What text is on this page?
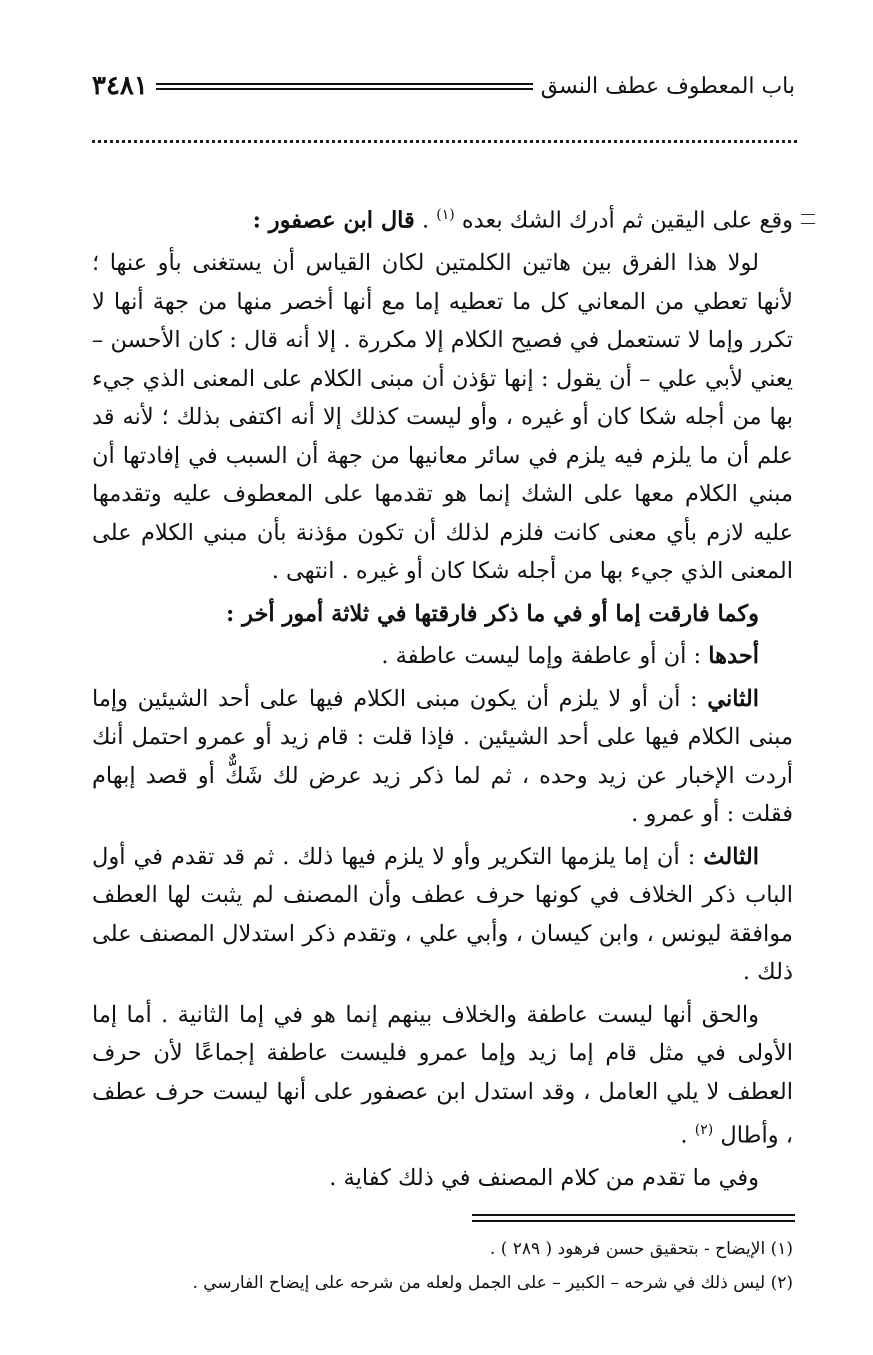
باب المعطوف عطف النسق
٣٤٨١

وقع على اليقين ثم أدرك الشك بعده $^{(١)}$ . قال ابن عصفور :

لولا هذا الفرق بين هاتين الكلمتين لكان القياس أن يستغنى بأو عنها ؛ لأنها تعطي من المعاني كل ما تعطيه إما مع أنها أخصر منها من جهة أنها لا تكرر وإما لا تستعمل في فصيح الكلام إلا مكررة . إلا أنه قال : كان الأحسن – يعني لأبي علي – أن يقول : إنها تؤذن أن مبنى الكلام على المعنى الذي جيء بها من أجله شكا كان أو غيره ، وأو ليست كذلك إلا أنه اكتفى بذلك ؛ لأنه قد علم أن ما يلزم فيه يلزم في سائر معانيها من جهة أن السبب في إفادتها أن مبني الكلام معها على الشك إنما هو تقدمها على المعطوف عليه وتقدمها عليه لازم بأي معنى كانت فلزم لذلك أن تكون مؤذنة بأن مبني الكلام على المعنى الذي جيء بها من أجله شكا كان أو غيره . انتهى .

وكما فارقت إما أو في ما ذكر فارقتها في ثلاثة أمور أخر :

أحدها : أن أو عاطفة وإما ليست عاطفة .

الثاني : أن أو لا يلزم أن يكون مبنى الكلام فيها على أحد الشيئين وإما مبنى الكلام فيها على أحد الشيئين . فإذا قلت : قام زيد أو عمرو احتمل أنك أردت الإخبار عن زيد وحده ، ثم لما ذكر زيد عرض لك شَكٌّ أو قصد إبهام فقلت : أو عمرو .

الثالث : أن إما يلزمها التكرير وأو لا يلزم فيها ذلك . ثم قد تقدم في أول الباب ذكر الخلاف في كونها حرف عطف وأن المصنف لم يثبت لها العطف موافقة ليونس ، وابن كيسان ، وأبي علي ، وتقدم ذكر استدلال المصنف على ذلك .

والحق أنها ليست عاطفة والخلاف بينهم إنما هو في إما الثانية . أما إما الأولى في مثل قام إما زيد وإما عمرو فليست عاطفة إجماعًا لأن حرف العطف لا يلي العامل ، وقد استدل ابن عصفور على أنها ليست حرف عطف ، وأطال $^{(٢)}$ .

وفي ما تقدم من كلام المصنف في ذلك كفاية .

(١) الإيضاح - بتحقيق حسن فرهود ( ٢٨٩ ) .

(٢) ليس ذلك في شرحه – الكبير – على الجمل ولعله من شرحه على إيضاح الفارسي .
